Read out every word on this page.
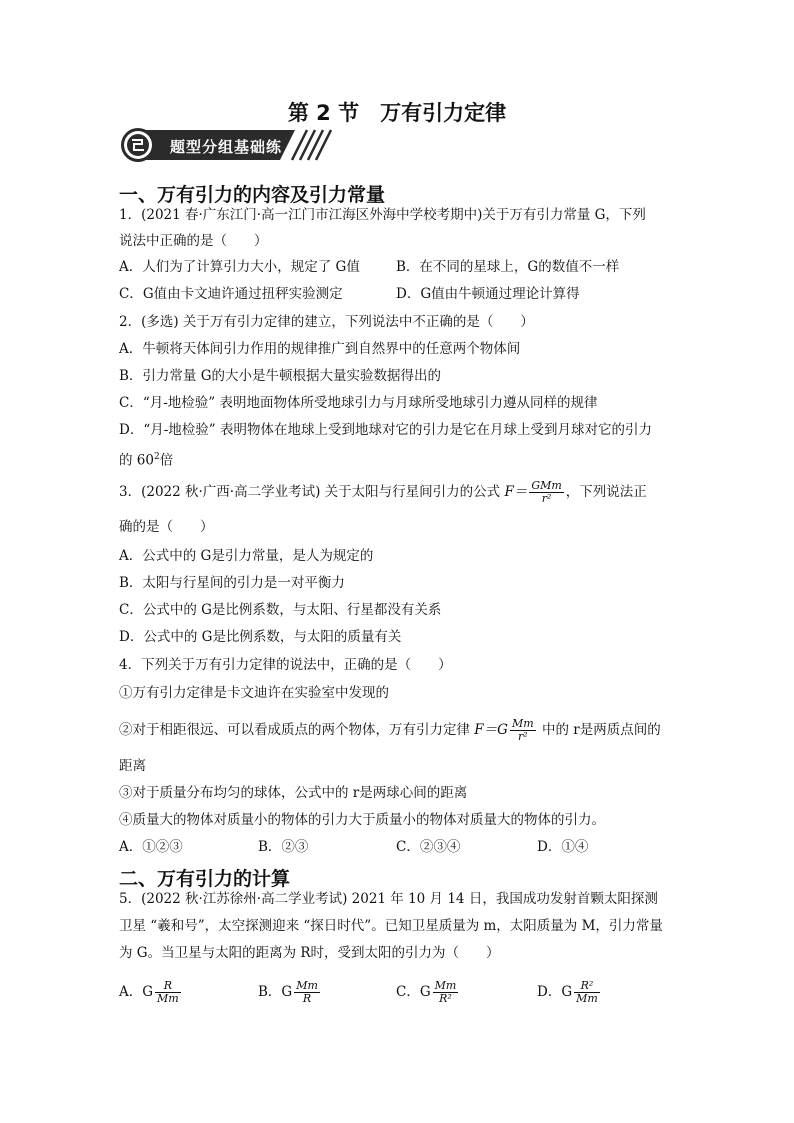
第 2 节　万有引力定律
题型分组基础练
一、万有引力的内容及引力常量
1．(2021 春·广东江门·高一江门市江海区外海中学校考期中)关于万有引力常量 G，下列
说法中正确的是（　　）
A．人们为了计算引力大小，规定了 G值	B．在不同的星球上，G的数值不一样
C．G值由卡文迪许通过扭秤实验测定	D．G值由牛顿通过理论计算得
2．(多选) 关于万有引力定律的建立，下列说法中不正确的是（　　）
A．牛顿将天体间引力作用的规律推广到自然界中的任意两个物体间
B．引力常量 G的大小是牛顿根据大量实验数据得出的
C．“月-地检验” 表明地面物体所受地球引力与月球所受地球引力遵从同样的规律
D．“月-地检验” 表明物体在地球上受到地球对它的引力是它在月球上受到月球对它的引力
的 $60^2$倍
3．(2022 秋·广西·高二学业考试) 关于太阳与行星间引力的公式 $F= \frac{\text{GMm}}{\text{r²}}$ ，下列说法正
确的是（　　）
A．公式中的 G是引力常量，是人为规定的
B．太阳与行星间的引力是一对平衡力
C．公式中的 G是比例系数，与太阳、行星都没有关系
D．公式中的 G是比例系数，与太阳的质量有关
4．下列关于万有引力定律的说法中，正确的是（　　）
①万有引力定律是卡文迪许在实验室中发现的
②对于相距很远、可以看成质点的两个物体，万有引力定律 $F=G \frac{Mm}{\text{r²}}$ 中的 r是两质点间的
距离
③对于质量分布均匀的球体，公式中的 r是两球心间的距离
④质量大的物体对质量小的物体的引力大于质量小的物体对质量大的物体的引力。
A．①②③	B．②③	C．②③④	D．①④
二、万有引力的计算
5．(2022 秋·江苏徐州·高二学业考试) 2021 年 10 月 14 日，我国成功发射首颗太阳探测
卫星 “羲和号”，太空探测迎来 “探日时代”。已知卫星质量为 m，太阳质量为 M，引力常量
为 G。当卫星与太阳的距离为 R时，受到太阳的引力为（　　）
A．G $\frac{R}{Mm}$	B．G $\frac{Mm}{R}$	C．G $\frac{Mm}{\text{R²}}$	D．G $\frac{\text{R²}}{Mm}$
